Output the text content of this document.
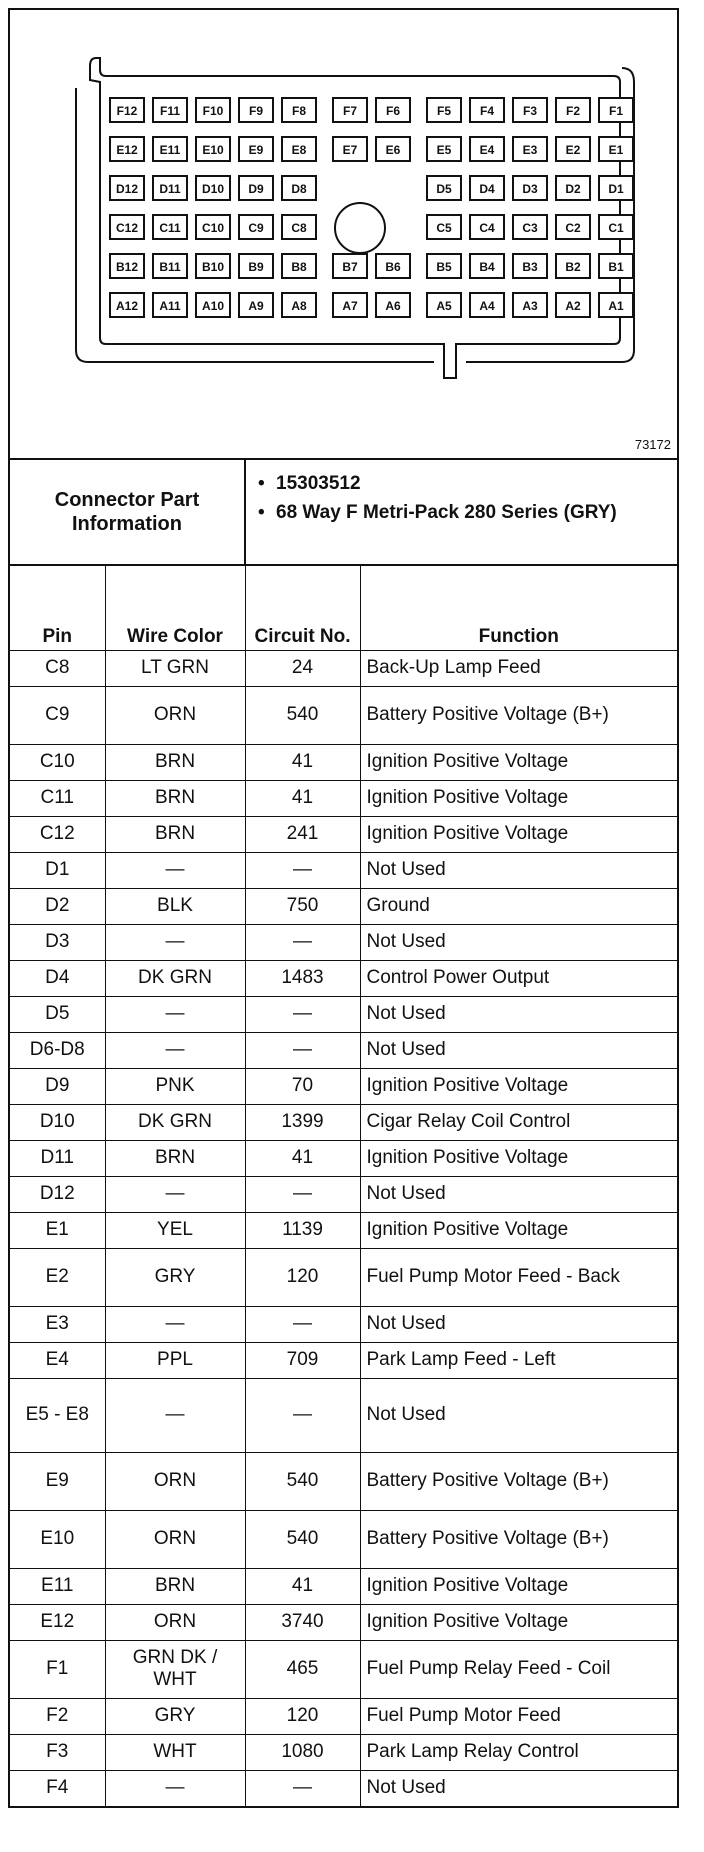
F12 F11 F10 F9 F8	F7 F6	F5 F4 F3 F2 F1
E12 E11 E10 E9 E8	E7 E6	E5 E4 E3 E2 E1
D12 D11 D10 D9 D8	D5 D4 D3 D2 D1
C12 C11 C10 C9 C8	C5 C4 C3 C2 C1
B12 B11 B10 B9 B8	B7 B6	B5 B4 B3 B2 B1
A12 A11 A10 A9 A8	A7 A6	A5 A4 A3 A2 A1
73172
Connector Part Information
• 15303512
• 68 Way F Metri-Pack 280 Series (GRY)
Pin	Wire Color	Circuit No.	Function
C8	LT GRN	24	Back-Up Lamp Feed
C9	ORN	540	Battery Positive Voltage (B+)
C10	BRN	41	Ignition Positive Voltage
C11	BRN	41	Ignition Positive Voltage
C12	BRN	241	Ignition Positive Voltage
D1	—	—	Not Used
D2	BLK	750	Ground
D3	—	—	Not Used
D4	DK GRN	1483	Control Power Output
D5	—	—	Not Used
D6-D8	—	—	Not Used
D9	PNK	70	Ignition Positive Voltage
D10	DK GRN	1399	Cigar Relay Coil Control
D11	BRN	41	Ignition Positive Voltage
D12	—	—	Not Used
E1	YEL	1139	Ignition Positive Voltage
E2	GRY	120	Fuel Pump Motor Feed - Back
E3	—	—	Not Used
E4	PPL	709	Park Lamp Feed - Left
E5 - E8	—	—	Not Used
E9	ORN	540	Battery Positive Voltage (B+)
E10	ORN	540	Battery Positive Voltage (B+)
E11	BRN	41	Ignition Positive Voltage
E12	ORN	3740	Ignition Positive Voltage
F1	GRN DK / WHT	465	Fuel Pump Relay Feed - Coil
F2	GRY	120	Fuel Pump Motor Feed
F3	WHT	1080	Park Lamp Relay Control
F4	—	—	Not Used
